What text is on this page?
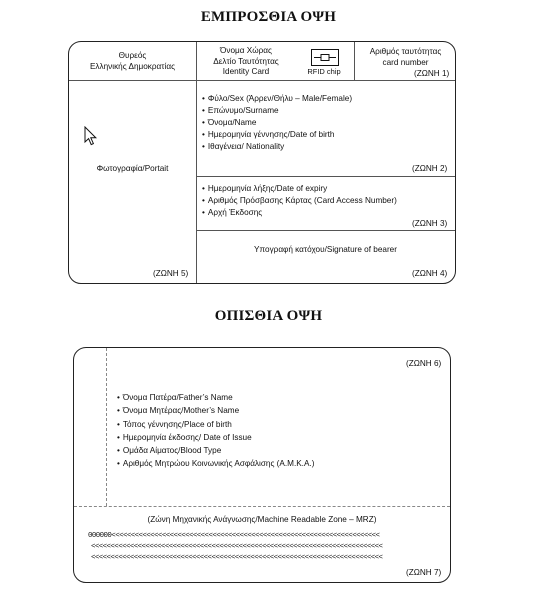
ΕΜΠΡΟΣΘΙΑ ΟΨΗ
Θυρεός
Ελληνικής Δημοκρατίας
Όνομα Χώρας
Δελτίο Ταυτότητας
Identity Card	RFID chip
Αριθμός ταυτότητας
card number
(ΖΩΝΗ 1)
• Φύλο/Sex (Άρρεν/Θήλυ – Male/Female)
• Επώνυμο/Surname
• Όνομα/Name
• Ημερομηνία γέννησης/Date of birth
• Ιθαγένεια/ Nationality
(ΖΩΝΗ 2)
• Ημερομηνία λήξης/Date of expiry
• Αριθμός Πρόσβασης Κάρτας (Card Access Number)
• Αρχή Έκδοσης
(ΖΩΝΗ 3)
Φωτογραφία/Portait
(ΖΩΝΗ 5)
Υπογραφή κατόχου/Signature of bearer
(ΖΩΝΗ 4)
ΟΠΙΣΘΙΑ ΟΨΗ
(ΖΩΝΗ 6)
• Όνομα Πατέρα/Father’s Name
• Όνομα Μητέρας/Mother’s Name
• Τόπος γέννησης/Place of birth
• Ημερομηνία έκδοσης/ Date of Issue
• Ομάδα Αίματος/Blood Type
• Αριθμός Μητρώου Κοινωνικής Ασφάλισης (Α.Μ.Κ.Α.)
(Ζώνη Μηχανικής Ανάγνωσης/Machine Readable Zone – MRZ)
000000<<<<<<<<<<<<<<<<<<<<<<<<<<<<<<<<<<<<<<<<<<<<<<<<<<<<<<<<<<<<<<<<<<<<<
<<<<<<<<<<<<<<<<<<<<<<<<<<<<<<<<<<<<<<<<<<<<<<<<<<<<<<<<<<<<<<<<<<<<<<<<<<<
<<<<<<<<<<<<<<<<<<<<<<<<<<<<<<<<<<<<<<<<<<<<<<<<<<<<<<<<<<<<<<<<<<<<<<<<<<<
(ΖΩΝΗ 7)
